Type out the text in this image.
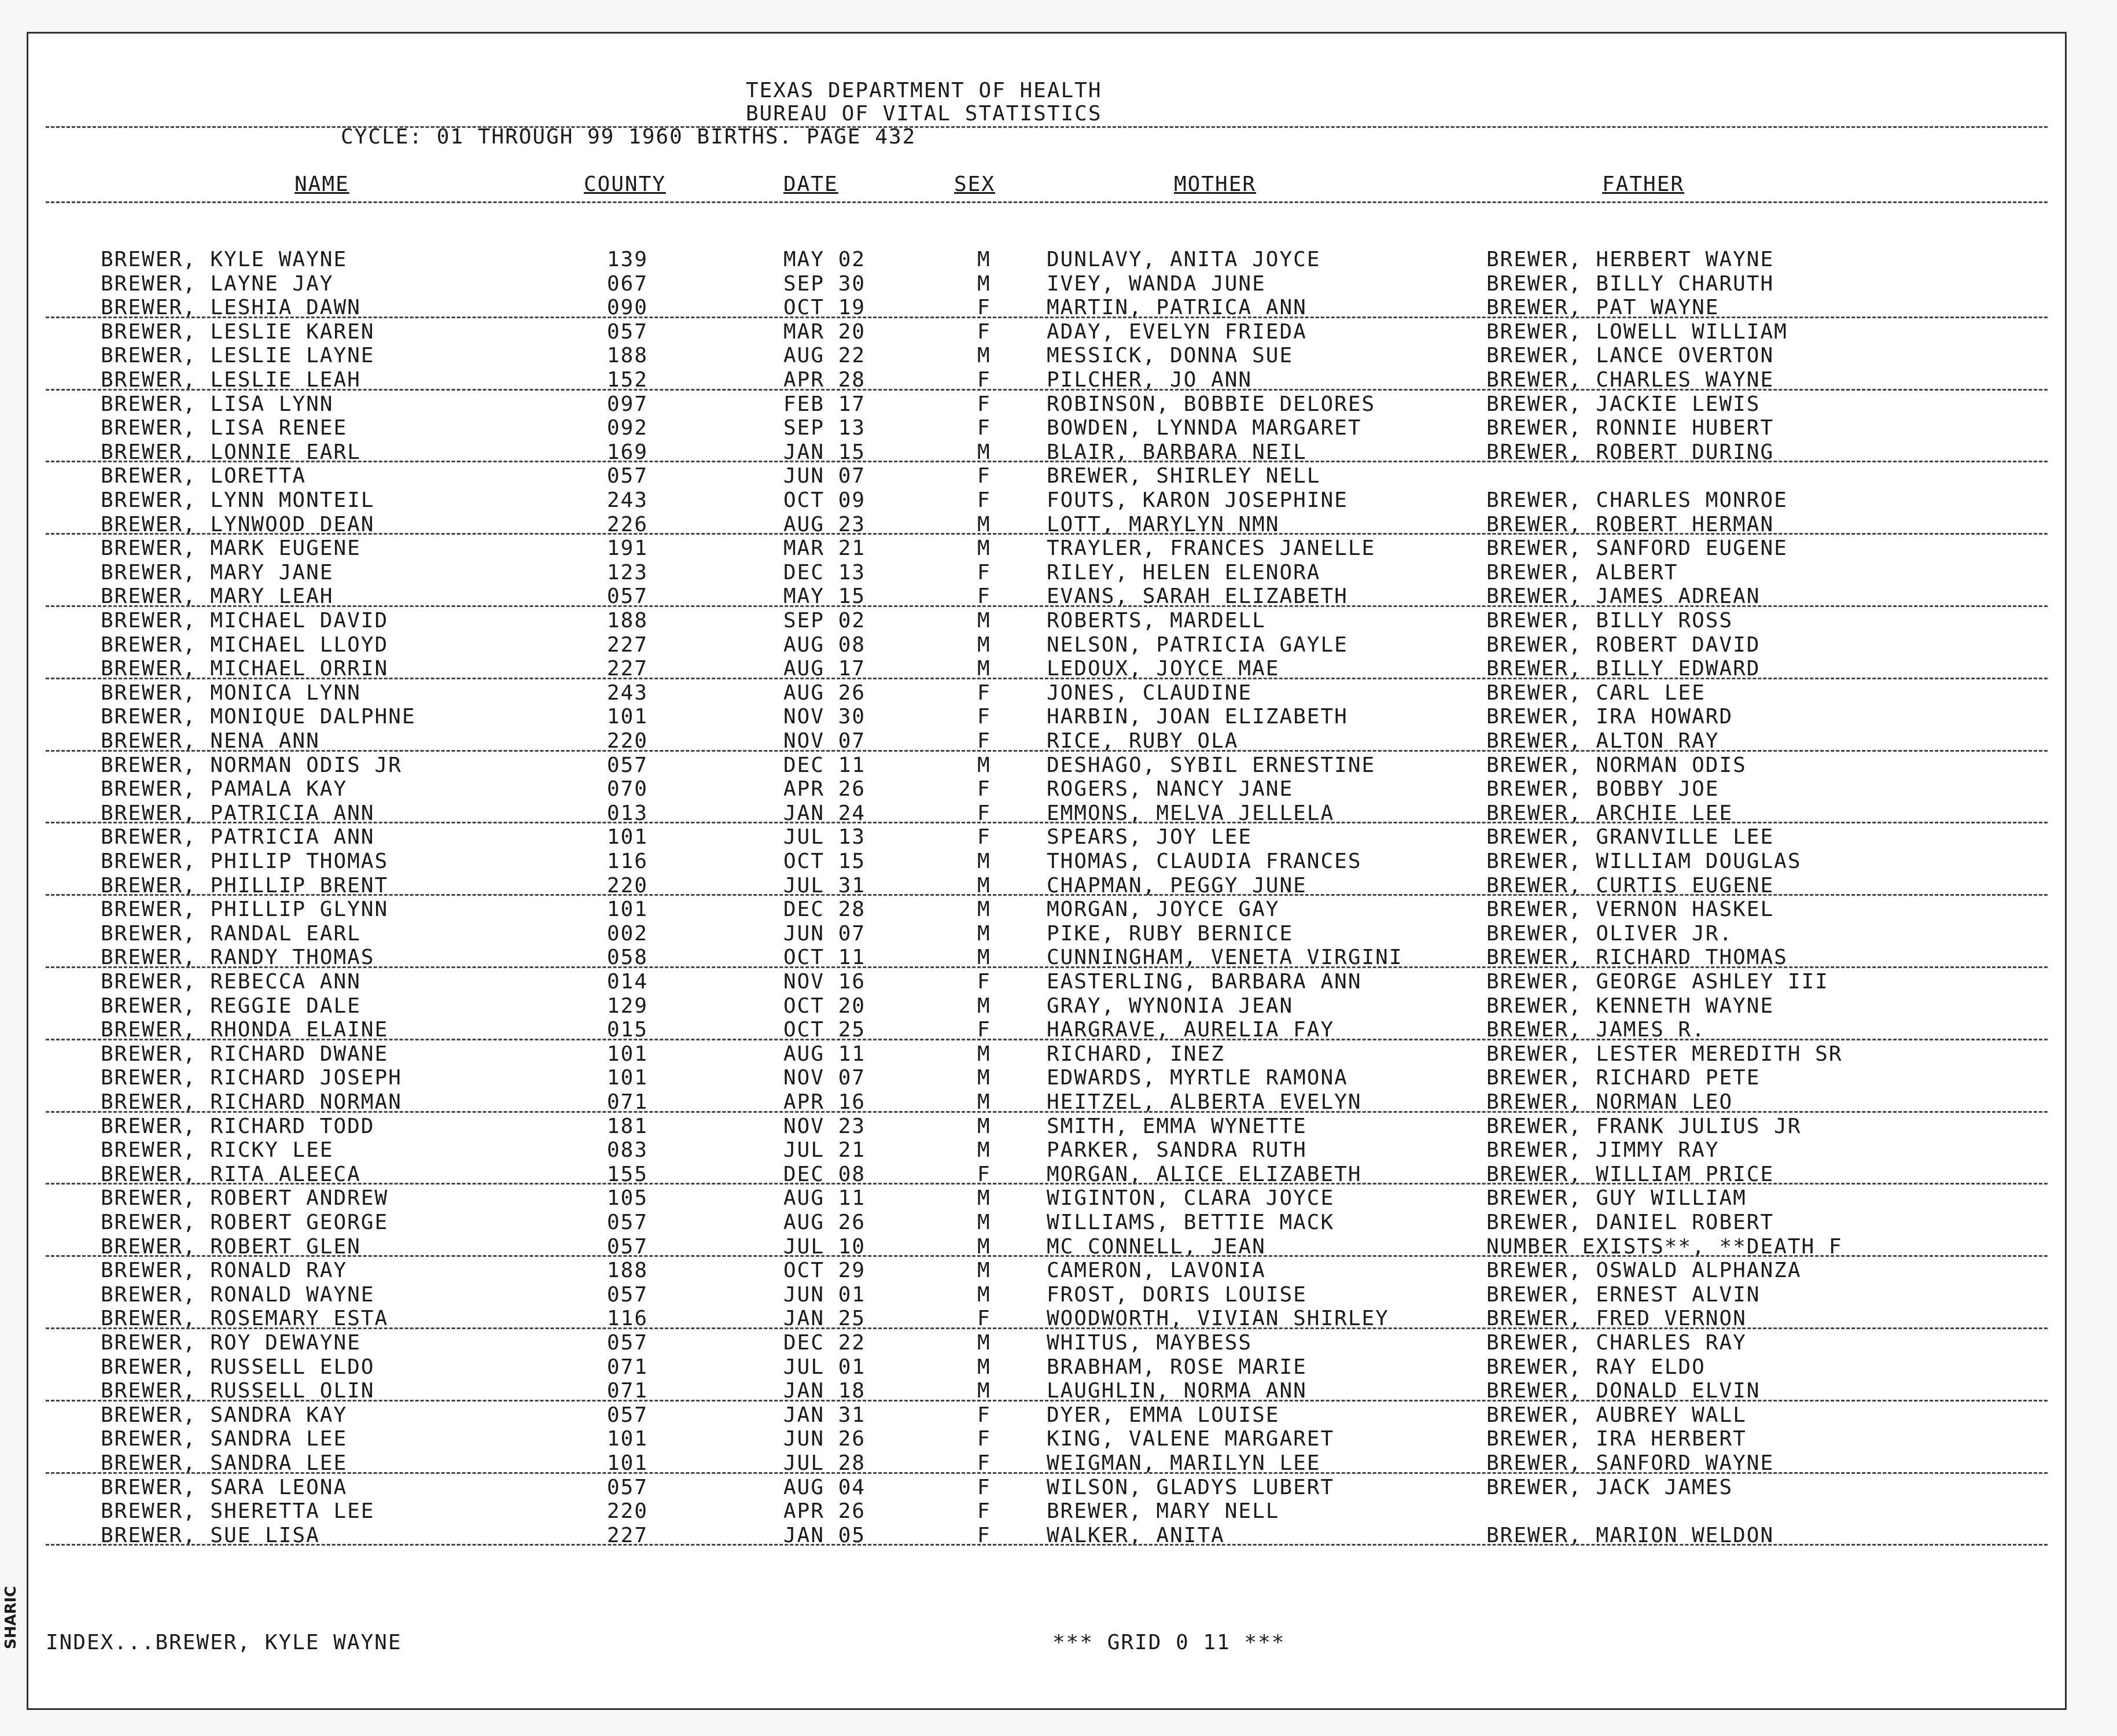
TEXAS DEPARTMENT OF HEALTH
BUREAU OF VITAL STATISTICS
CYCLE: 01 THROUGH 99 1960 BIRTHS. PAGE 432
NAME	COUNTY	DATE	SEX	MOTHER	FATHER
BREWER, KYLE WAYNE	139	MAY 02	M	DUNLAVY, ANITA JOYCE	BREWER, HERBERT WAYNE
BREWER, LAYNE JAY	067	SEP 30	M	IVEY, WANDA JUNE	BREWER, BILLY CHARUTH
BREWER, LESHIA DAWN	090	OCT 19	F	MARTIN, PATRICA ANN	BREWER, PAT WAYNE
BREWER, LESLIE KAREN	057	MAR 20	F	ADAY, EVELYN FRIEDA	BREWER, LOWELL WILLIAM
BREWER, LESLIE LAYNE	188	AUG 22	M	MESSICK, DONNA SUE	BREWER, LANCE OVERTON
BREWER, LESLIE LEAH	152	APR 28	F	PILCHER, JO ANN	BREWER, CHARLES WAYNE
BREWER, LISA LYNN	097	FEB 17	F	ROBINSON, BOBBIE DELORES	BREWER, JACKIE LEWIS
BREWER, LISA RENEE	092	SEP 13	F	BOWDEN, LYNNDA MARGARET	BREWER, RONNIE HUBERT
BREWER, LONNIE EARL	169	JAN 15	M	BLAIR, BARBARA NEIL	BREWER, ROBERT DURING
BREWER, LORETTA	057	JUN 07	F	BREWER, SHIRLEY NELL
BREWER, LYNN MONTEIL	243	OCT 09	F	FOUTS, KARON JOSEPHINE	BREWER, CHARLES MONROE
BREWER, LYNWOOD DEAN	226	AUG 23	M	LOTT, MARYLYN NMN	BREWER, ROBERT HERMAN
BREWER, MARK EUGENE	191	MAR 21	M	TRAYLER, FRANCES JANELLE	BREWER, SANFORD EUGENE
BREWER, MARY JANE	123	DEC 13	F	RILEY, HELEN ELENORA	BREWER, ALBERT
BREWER, MARY LEAH	057	MAY 15	F	EVANS, SARAH ELIZABETH	BREWER, JAMES ADREAN
BREWER, MICHAEL DAVID	188	SEP 02	M	ROBERTS, MARDELL	BREWER, BILLY ROSS
BREWER, MICHAEL LLOYD	227	AUG 08	M	NELSON, PATRICIA GAYLE	BREWER, ROBERT DAVID
BREWER, MICHAEL ORRIN	227	AUG 17	M	LEDOUX, JOYCE MAE	BREWER, BILLY EDWARD
BREWER, MONICA LYNN	243	AUG 26	F	JONES, CLAUDINE	BREWER, CARL LEE
BREWER, MONIQUE DALPHNE	101	NOV 30	F	HARBIN, JOAN ELIZABETH	BREWER, IRA HOWARD
BREWER, NENA ANN	220	NOV 07	F	RICE, RUBY OLA	BREWER, ALTON RAY
BREWER, NORMAN ODIS JR	057	DEC 11	M	DESHAGO, SYBIL ERNESTINE	BREWER, NORMAN ODIS
BREWER, PAMALA KAY	070	APR 26	F	ROGERS, NANCY JANE	BREWER, BOBBY JOE
BREWER, PATRICIA ANN	013	JAN 24	F	EMMONS, MELVA JELLELA	BREWER, ARCHIE LEE
BREWER, PATRICIA ANN	101	JUL 13	F	SPEARS, JOY LEE	BREWER, GRANVILLE LEE
BREWER, PHILIP THOMAS	116	OCT 15	M	THOMAS, CLAUDIA FRANCES	BREWER, WILLIAM DOUGLAS
BREWER, PHILLIP BRENT	220	JUL 31	M	CHAPMAN, PEGGY JUNE	BREWER, CURTIS EUGENE
BREWER, PHILLIP GLYNN	101	DEC 28	M	MORGAN, JOYCE GAY	BREWER, VERNON HASKEL
BREWER, RANDAL EARL	002	JUN 07	M	PIKE, RUBY BERNICE	BREWER, OLIVER JR.
BREWER, RANDY THOMAS	058	OCT 11	M	CUNNINGHAM, VENETA VIRGINI	BREWER, RICHARD THOMAS
BREWER, REBECCA ANN	014	NOV 16	F	EASTERLING, BARBARA ANN	BREWER, GEORGE ASHLEY III
BREWER, REGGIE DALE	129	OCT 20	M	GRAY, WYNONIA JEAN	BREWER, KENNETH WAYNE
BREWER, RHONDA ELAINE	015	OCT 25	F	HARGRAVE, AURELIA FAY	BREWER, JAMES R.
BREWER, RICHARD DWANE	101	AUG 11	M	RICHARD, INEZ	BREWER, LESTER MEREDITH SR
BREWER, RICHARD JOSEPH	101	NOV 07	M	EDWARDS, MYRTLE RAMONA	BREWER, RICHARD PETE
BREWER, RICHARD NORMAN	071	APR 16	M	HEITZEL, ALBERTA EVELYN	BREWER, NORMAN LEO
BREWER, RICHARD TODD	181	NOV 23	M	SMITH, EMMA WYNETTE	BREWER, FRANK JULIUS JR
BREWER, RICKY LEE	083	JUL 21	M	PARKER, SANDRA RUTH	BREWER, JIMMY RAY
BREWER, RITA ALEECA	155	DEC 08	F	MORGAN, ALICE ELIZABETH	BREWER, WILLIAM PRICE
BREWER, ROBERT ANDREW	105	AUG 11	M	WIGINTON, CLARA JOYCE	BREWER, GUY WILLIAM
BREWER, ROBERT GEORGE	057	AUG 26	M	WILLIAMS, BETTIE MACK	BREWER, DANIEL ROBERT
BREWER, ROBERT GLEN	057	JUL 10	M	MC CONNELL, JEAN	NUMBER EXISTS**, **DEATH F
BREWER, RONALD RAY	188	OCT 29	M	CAMERON, LAVONIA	BREWER, OSWALD ALPHANZA
BREWER, RONALD WAYNE	057	JUN 01	M	FROST, DORIS LOUISE	BREWER, ERNEST ALVIN
BREWER, ROSEMARY ESTA	116	JAN 25	F	WOODWORTH, VIVIAN SHIRLEY	BREWER, FRED VERNON
BREWER, ROY DEWAYNE	057	DEC 22	M	WHITUS, MAYBESS	BREWER, CHARLES RAY
BREWER, RUSSELL ELDO	071	JUL 01	M	BRABHAM, ROSE MARIE	BREWER, RAY ELDO
BREWER, RUSSELL OLIN	071	JAN 18	M	LAUGHLIN, NORMA ANN	BREWER, DONALD ELVIN
BREWER, SANDRA KAY	057	JAN 31	F	DYER, EMMA LOUISE	BREWER, AUBREY WALL
BREWER, SANDRA LEE	101	JUN 26	F	KING, VALENE MARGARET	BREWER, IRA HERBERT
BREWER, SANDRA LEE	101	JUL 28	F	WEIGMAN, MARILYN LEE	BREWER, SANFORD WAYNE
BREWER, SARA LEONA	057	AUG 04	F	WILSON, GLADYS LUBERT	BREWER, JACK JAMES
BREWER, SHERETTA LEE	220	APR 26	F	BREWER, MARY NELL
BREWER, SUE LISA	227	JAN 05	F	WALKER, ANITA	BREWER, MARION WELDON
INDEX...BREWER, KYLE WAYNE	*** GRID 0 11 ***
SHARIC
